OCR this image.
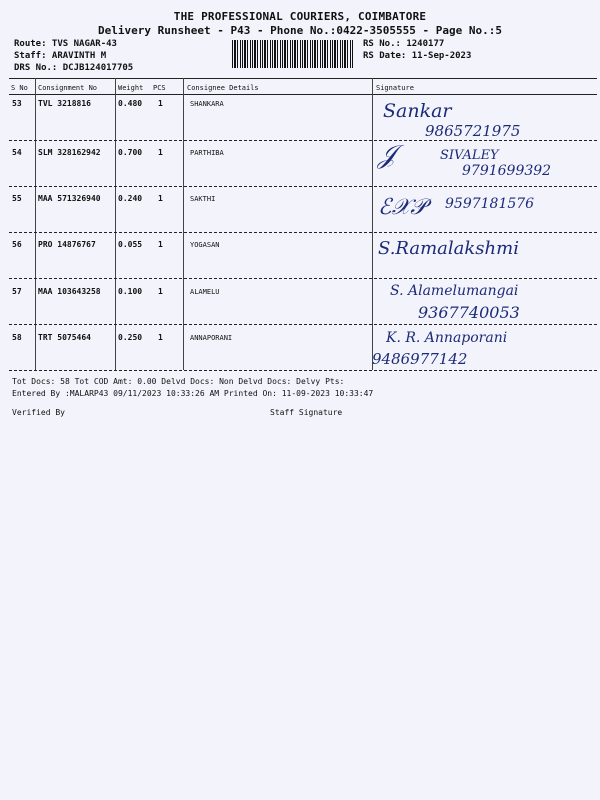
THE PROFESSIONAL COURIERS, COIMBATORE
Delivery Runsheet - P43 - Phone No.:0422-3505555 - Page No.:5
Route: TVS NAGAR-43
Staff: ARAVINTH M
DRS No.: DCJB124017705
RS No.: 1240177
RS Date: 11-Sep-2023
S No Consignment No	Weight PCS	Consignee Details	Signature
53 TVL 3218816	0.480 1	SHANKARA	Sankar
9865721975
54 SLM 328162942 0.700 1	PARTHIBA	𝒥	SIVALEY
9791699392
55 MAA 571326940 0.240 1	SAKTHI	ℰ𝒳𝒫 9597181576
56 PRO 14876767	0.055 1	YOGASAN	S.Ramalakshmi
57 MAA 103643258 0.100 1	ALAMELU	S. Alamelumangai
9367740053
58 TRT 5075464	0.250 1	ANNAPORANI	K. R. Annaporani
9486977142
Tot Docs: 58 Tot COD Amt: 0.00 Delvd Docs: Non Delvd Docs: Delvy Pts:
Entered By :MALARP43 09/11/2023 10:33:26 AM Printed On: 11-09-2023 10:33:47
Verified By	Staff Signature
